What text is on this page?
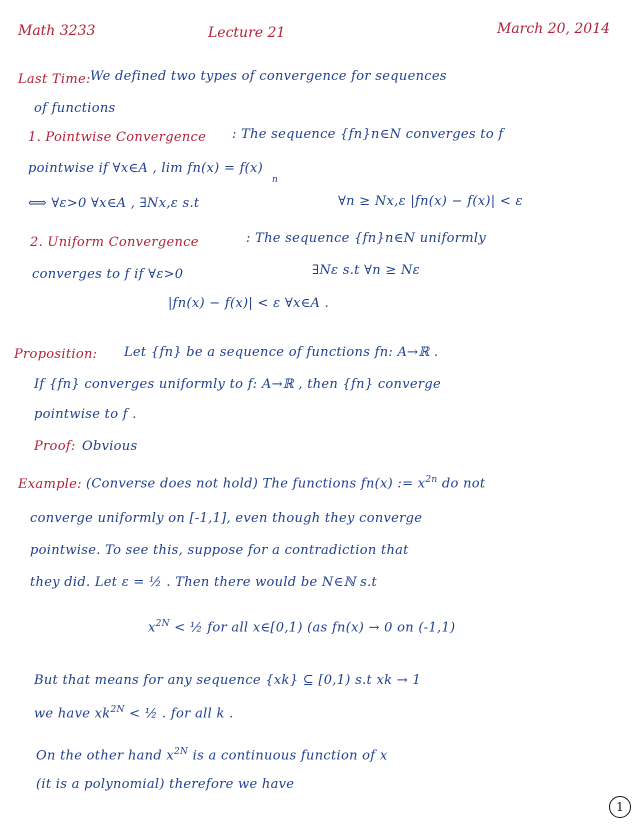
Math 3233	Lecture 21	March 20, 2014
Last Time: We defined two types of convergence for sequences
of functions
1. Pointwise Convergence : The sequence {fn}n∈N converges to f
pointwise if ∀x∈A , lim fn(x) = f(x)
n
⟺ ∀ε>0 ∀x∈A , ∃Nx,ε s.t	∀n ≥ Nx,ε |fn(x) − f(x)| < ε
2. Uniform Convergence	: The sequence {fn}n∈N uniformly
converges to f if ∀ε>0	∃Nε s.t ∀n ≥ Nε
|fn(x) − f(x)| < ε ∀x∈A .
Proposition: Let {fn} be a sequence of functions fn: A→ℝ .
If {fn} converges uniformly to f: A→ℝ , then {fn} converge
pointwise to f .
Proof: Obvious
Example: (Converse does not hold) The functions fn(x) := $x^{2n}$ do not
converge uniformly on [-1,1], even though they converge
pointwise. To see this, suppose for a contradiction that
they did. Let ε = ½ . Then there would be N∈ℕ s.t
$x^{2N}$ < ½ for all x∈[0,1) (as fn(x) → 0 on (-1,1)
But that means for any sequence {xk} ⊆ [0,1) s.t xk → 1
we have $xk^{2N}$ < ½ . for all k .
On the other hand $x^{2N}$ is a continuous function of x
(it is a polynomial) therefore we have
1
